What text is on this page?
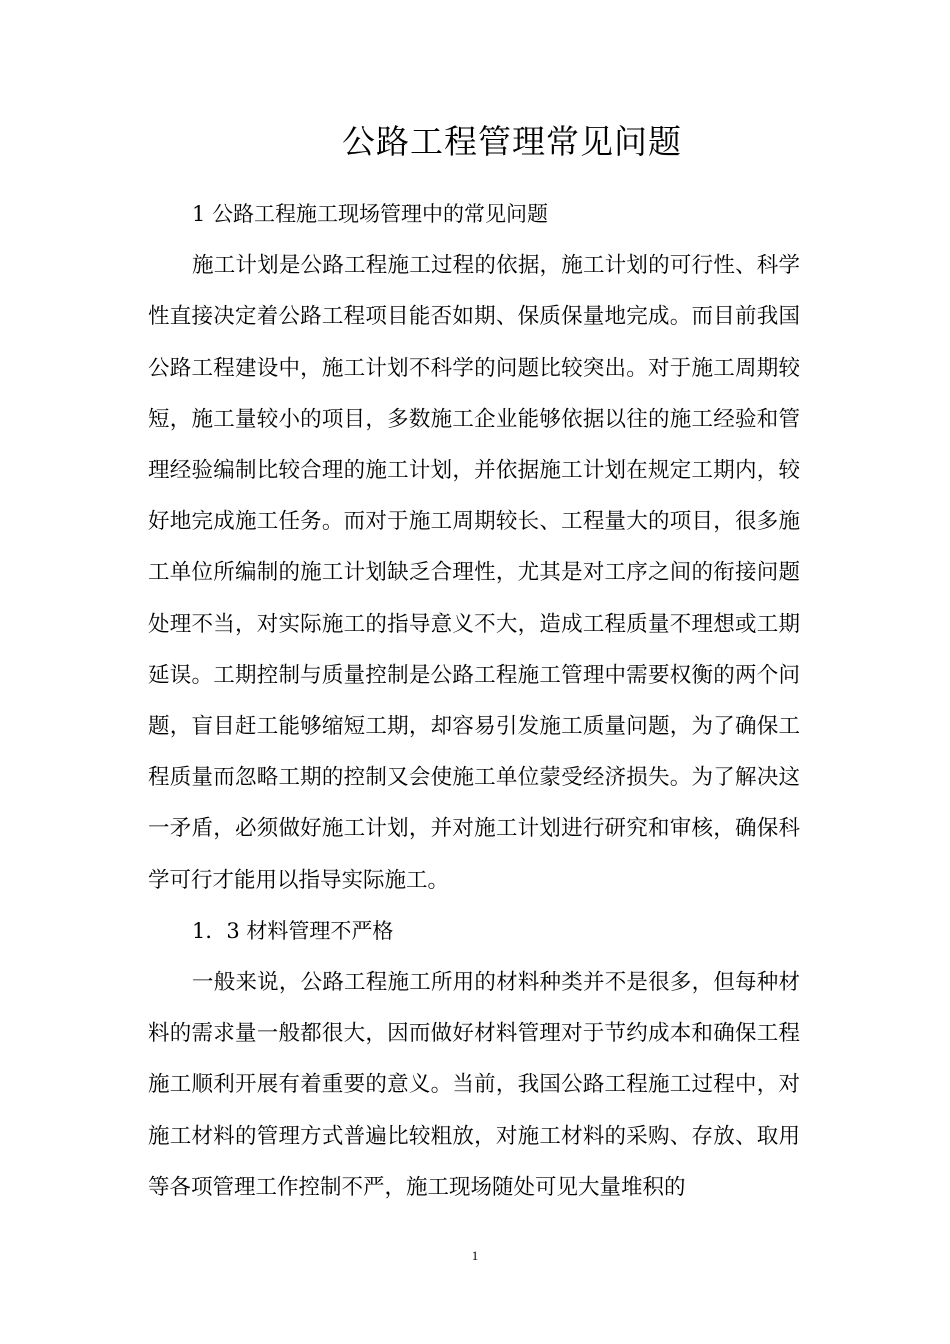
公路工程管理常见问题

1 公路工程施工现场管理中的常见问题

施工计划是公路工程施工过程的依据，施工计划的可行性、科学性直接决定着公路工程项目能否如期、保质保量地完成。而目前我国公路工程建设中，施工计划不科学的问题比较突出。对于施工周期较短，施工量较小的项目，多数施工企业能够依据以往的施工经验和管理经验编制比较合理的施工计划，并依据施工计划在规定工期内，较好地完成施工任务。而对于施工周期较长、工程量大的项目，很多施工单位所编制的施工计划缺乏合理性，尤其是对工序之间的衔接问题处理不当，对实际施工的指导意义不大，造成工程质量不理想或工期延误。工期控制与质量控制是公路工程施工管理中需要权衡的两个问题，盲目赶工能够缩短工期，却容易引发施工质量问题，为了确保工程质量而忽略工期的控制又会使施工单位蒙受经济损失。为了解决这一矛盾，必须做好施工计划，并对施工计划进行研究和审核，确保科学可行才能用以指导实际施工。

1．3 材料管理不严格

一般来说，公路工程施工所用的材料种类并不是很多，但每种材料的需求量一般都很大，因而做好材料管理对于节约成本和确保工程施工顺利开展有着重要的意义。当前，我国公路工程施工过程中，对施工材料的管理方式普遍比较粗放，对施工材料的采购、存放、取用等各项管理工作控制不严，施工现场随处可见大量堆积的

1
